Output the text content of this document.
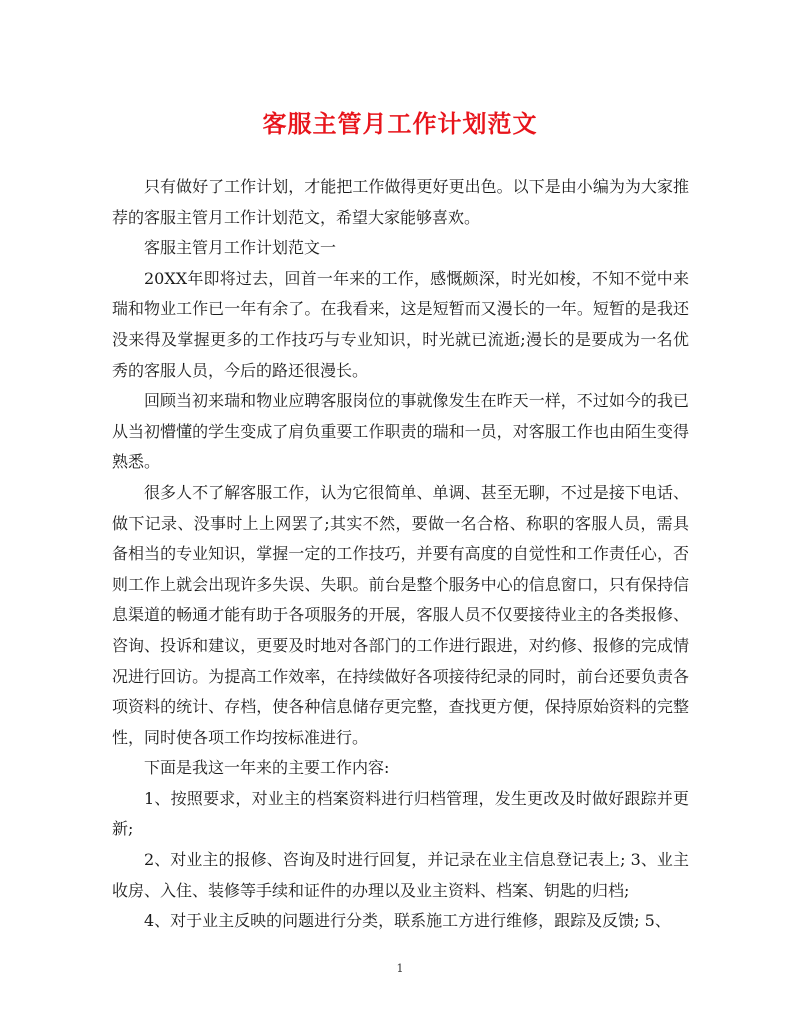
客服主管月工作计划范文

只有做好了工作计划，才能把工作做得更好更出色。以下是由小编为为大家推荐的客服主管月工作计划范文，希望大家能够喜欢。

客服主管月工作计划范文一

20XX年即将过去，回首一年来的工作，感慨颇深，时光如梭，不知不觉中来瑞和物业工作已一年有余了。在我看来，这是短暂而又漫长的一年。短暂的是我还没来得及掌握更多的工作技巧与专业知识，时光就已流逝;漫长的是要成为一名优秀的客服人员，今后的路还很漫长。

回顾当初来瑞和物业应聘客服岗位的事就像发生在昨天一样，不过如今的我已从当初懵懂的学生变成了肩负重要工作职责的瑞和一员，对客服工作也由陌生变得熟悉。

很多人不了解客服工作，认为它很简单、单调、甚至无聊，不过是接下电话、做下记录、没事时上上网罢了;其实不然，要做一名合格、称职的客服人员，需具备相当的专业知识，掌握一定的工作技巧，并要有高度的自觉性和工作责任心，否则工作上就会出现许多失误、失职。前台是整个服务中心的信息窗口，只有保持信息渠道的畅通才能有助于各项服务的开展，客服人员不仅要接待业主的各类报修、咨询、投诉和建议，更要及时地对各部门的工作进行跟进，对约修、报修的完成情况进行回访。为提高工作效率，在持续做好各项接待纪录的同时，前台还要负责各项资料的统计、存档，使各种信息储存更完整，查找更方便，保持原始资料的完整性，同时使各项工作均按标准进行。

下面是我这一年来的主要工作内容:

1、按照要求，对业主的档案资料进行归档管理，发生更改及时做好跟踪并更新;

2、对业主的报修、咨询及时进行回复，并记录在业主信息登记表上; 3、业主收房、入住、装修等手续和证件的办理以及业主资料、档案、钥匙的归档;

4、对于业主反映的问题进行分类，联系施工方进行维修，跟踪及反馈; 5、

1
